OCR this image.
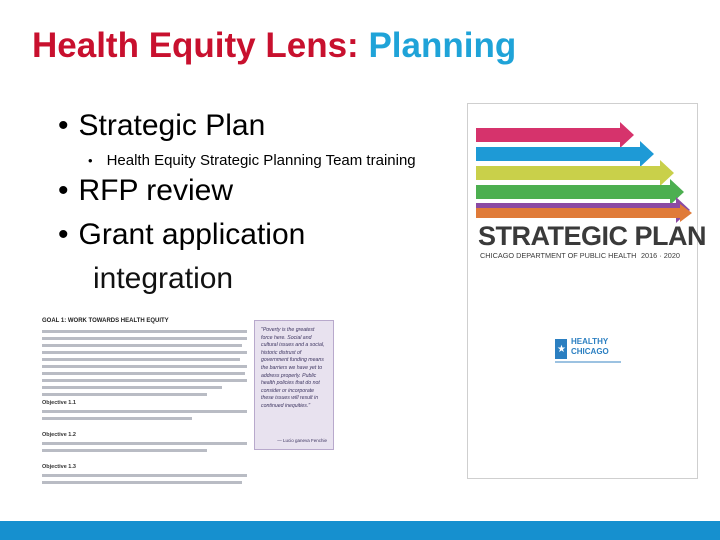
Health Equity Lens: Planning
• Strategic Plan
• Health Equity Strategic Planning Team training
• RFP review
• Grant application
integration
GOAL 1: WORK TOWARDS HEALTH EQUITY
Objective 1.1
Objective 1.2
Objective 1.3
"Poverty is the greatest force here. Social and cultural issues and a social, historic distrust of government funding means the barriers we have yet to address properly. Public health policies that do not consider or incorporate these issues will result in continued inequities."
— Lucio ganeva Fenchie
STRATEGIC PLAN
CHICAGO DEPARTMENT OF PUBLIC HEALTH 2016 · 2020
★
HEALTHY
CHICAGO
